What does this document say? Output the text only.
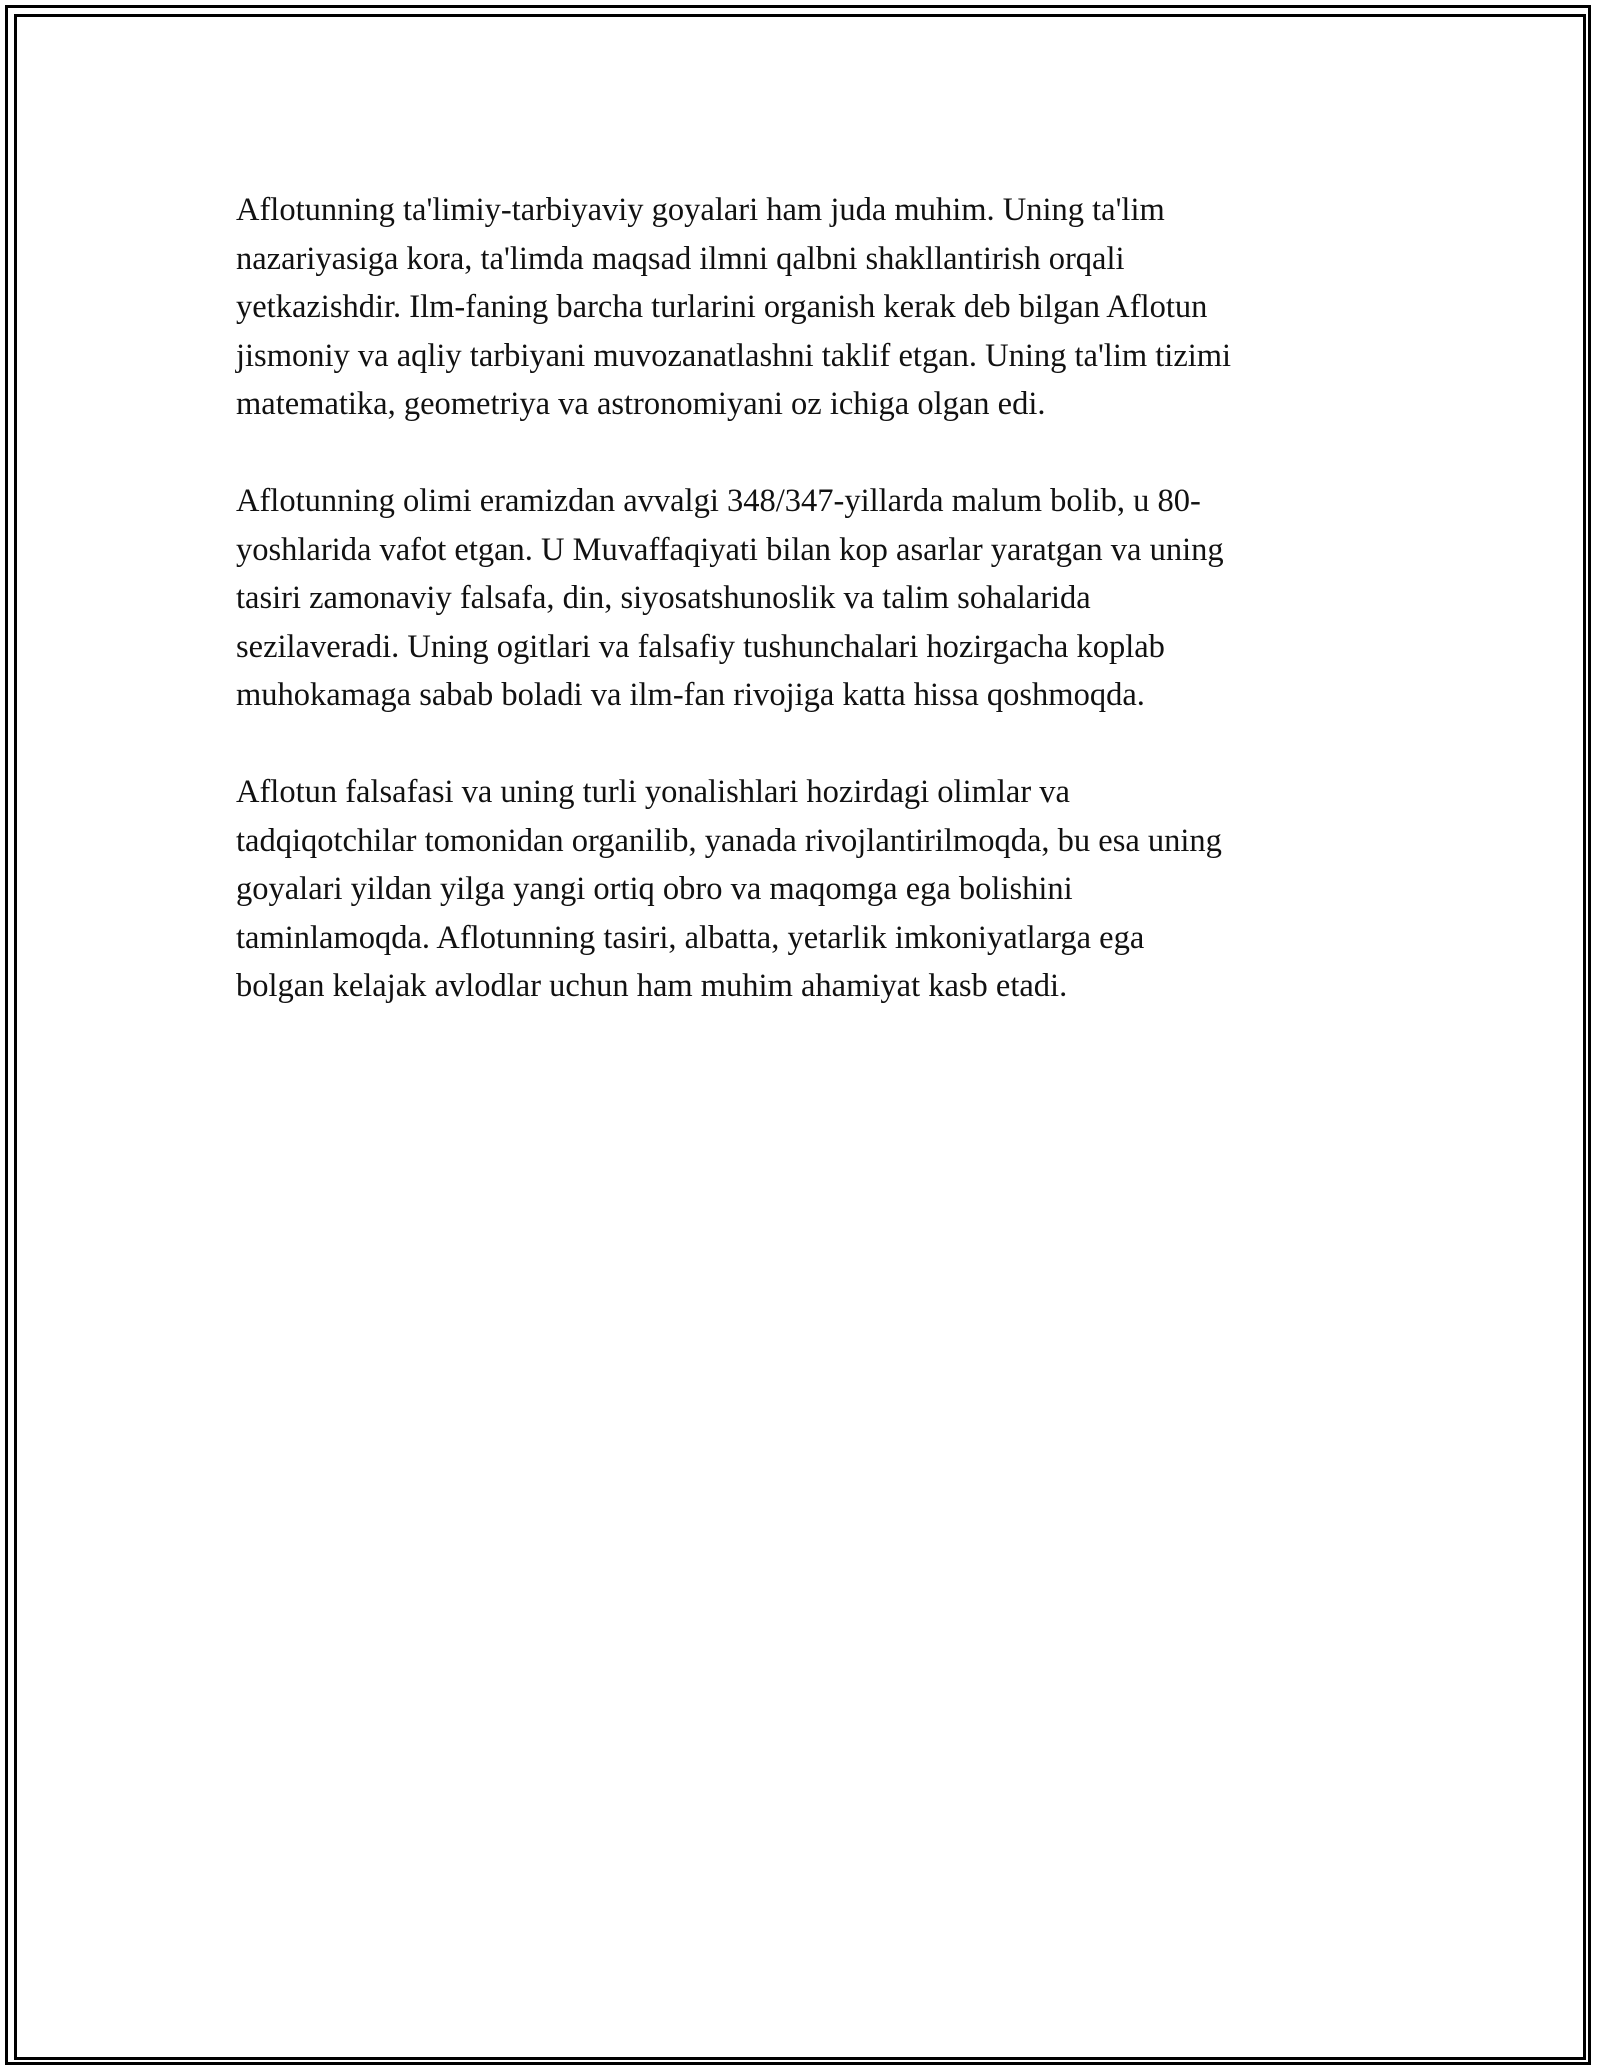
Aflotunning ta'limiy-tarbiyaviy goyalari ham juda muhim. Uning ta'lim
nazariyasiga kora, ta'limda maqsad ilmni qalbni shakllantirish orqali
yetkazishdir. Ilm-faning barcha turlarini organish kerak deb bilgan Aflotun
jismoniy va aqliy tarbiyani muvozanatlashni taklif etgan. Uning ta'lim tizimi
matematika, geometriya va astronomiyani oz ichiga olgan edi.

Aflotunning olimi eramizdan avvalgi 348/347-yillarda malum bolib, u 80-
yoshlarida vafot etgan. U Muvaffaqiyati bilan kop asarlar yaratgan va uning
tasiri zamonaviy falsafa, din, siyosatshunoslik va talim sohalarida
sezilaveradi. Uning ogitlari va falsafiy tushunchalari hozirgacha koplab
muhokamaga sabab boladi va ilm-fan rivojiga katta hissa qoshmoqda.

Aflotun falsafasi va uning turli yonalishlari hozirdagi olimlar va
tadqiqotchilar tomonidan organilib, yanada rivojlantirilmoqda, bu esa uning
goyalari yildan yilga yangi ortiq obro va maqomga ega bolishini
taminlamoqda. Aflotunning tasiri, albatta, yetarlik imkoniyatlarga ega
bolgan kelajak avlodlar uchun ham muhim ahamiyat kasb etadi.
